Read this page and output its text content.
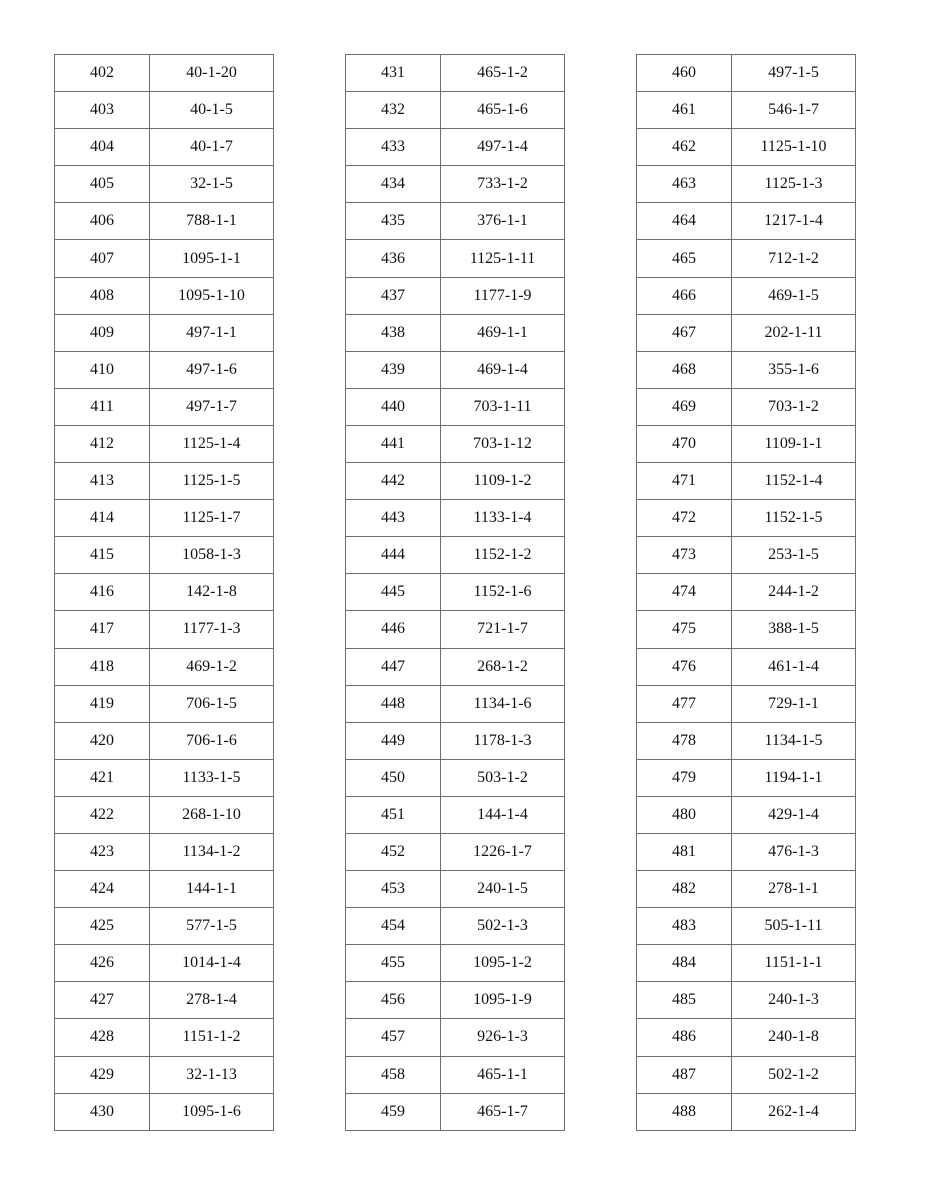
402	40-1-20
403	40-1-5
404	40-1-7
405	32-1-5
406	788-1-1
407	1095-1-1
408	1095-1-10
409	497-1-1
410	497-1-6
411	497-1-7
412	1125-1-4
413	1125-1-5
414	1125-1-7
415	1058-1-3
416	142-1-8
417	1177-1-3
418	469-1-2
419	706-1-5
420	706-1-6
421	1133-1-5
422	268-1-10
423	1134-1-2
424	144-1-1
425	577-1-5
426	1014-1-4
427	278-1-4
428	1151-1-2
429	32-1-13
430	1095-1-6
431	465-1-2
432	465-1-6
433	497-1-4
434	733-1-2
435	376-1-1
436	1125-1-11
437	1177-1-9
438	469-1-1
439	469-1-4
440	703-1-11
441	703-1-12
442	1109-1-2
443	1133-1-4
444	1152-1-2
445	1152-1-6
446	721-1-7
447	268-1-2
448	1134-1-6
449	1178-1-3
450	503-1-2
451	144-1-4
452	1226-1-7
453	240-1-5
454	502-1-3
455	1095-1-2
456	1095-1-9
457	926-1-3
458	465-1-1
459	465-1-7
460	497-1-5
461	546-1-7
462	1125-1-10
463	1125-1-3
464	1217-1-4
465	712-1-2
466	469-1-5
467	202-1-11
468	355-1-6
469	703-1-2
470	1109-1-1
471	1152-1-4
472	1152-1-5
473	253-1-5
474	244-1-2
475	388-1-5
476	461-1-4
477	729-1-1
478	1134-1-5
479	1194-1-1
480	429-1-4
481	476-1-3
482	278-1-1
483	505-1-11
484	1151-1-1
485	240-1-3
486	240-1-8
487	502-1-2
488	262-1-4
